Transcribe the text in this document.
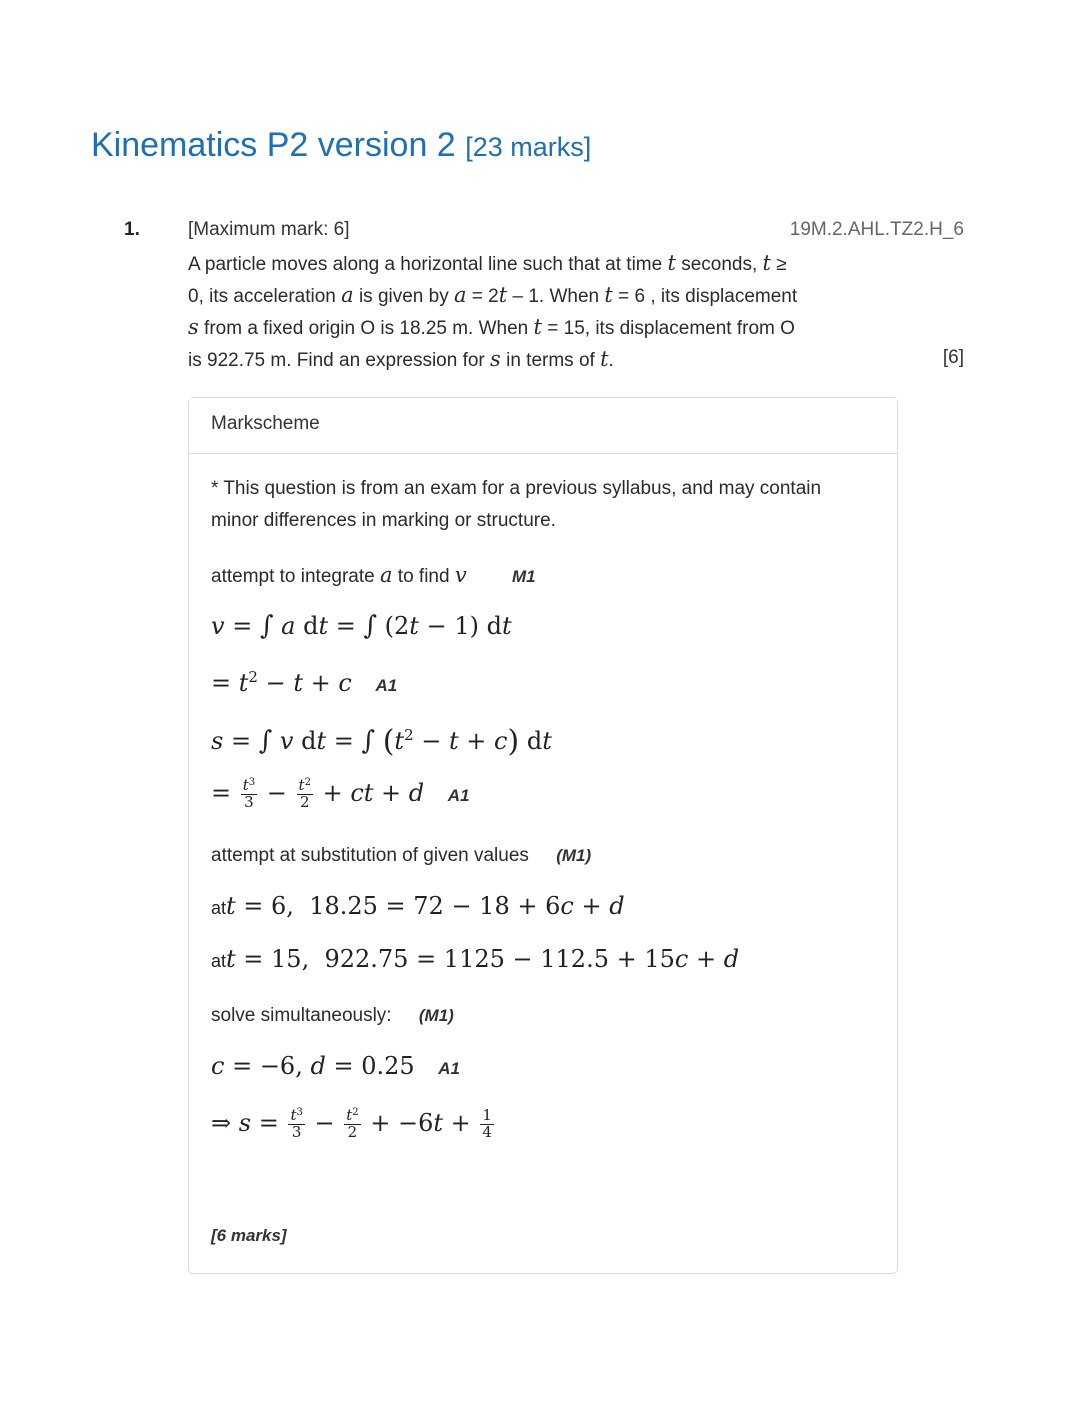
Kinematics P2 version 2 [23 marks]
1.	[Maximum mark: 6]	19M.2.AHL.TZ2.H_6
A particle moves along a horizontal line such that at time t seconds, t ≥
0, its acceleration a is given by a = 2t – 1. When t = 6 , its displacement
s from a fixed origin O is 18.25 m. When t = 15, its displacement from O
is 922.75 m. Find an expression for s in terms of t.	[6]
Markscheme
* This question is from an exam for a previous syllabus, and may contain
minor differences in marking or structure.
attempt to integrate a to find v	M1
v = ∫ a dt = ∫ (2t − 1) dt
= $t^2 - t + c$ A1
s = ∫ v dt = ∫ $(t^2 - t + c)$ dt
= $\frac{t^3}{3} - \frac{t^2}{2}$ + ct + d A1
attempt at substitution of given values (M1)
att = 6,  18.25 = 72 − 18 + 6c + d
att = 15,  922.75 = 1125 − 112.5 + 15c + d
solve simultaneously: (M1)
c = −6, d = 0.25 A1
⇒ $s = \frac{t^3}{3} - \frac{t^2}{2} + -6t + \frac{1}{4}$
[6 marks]
